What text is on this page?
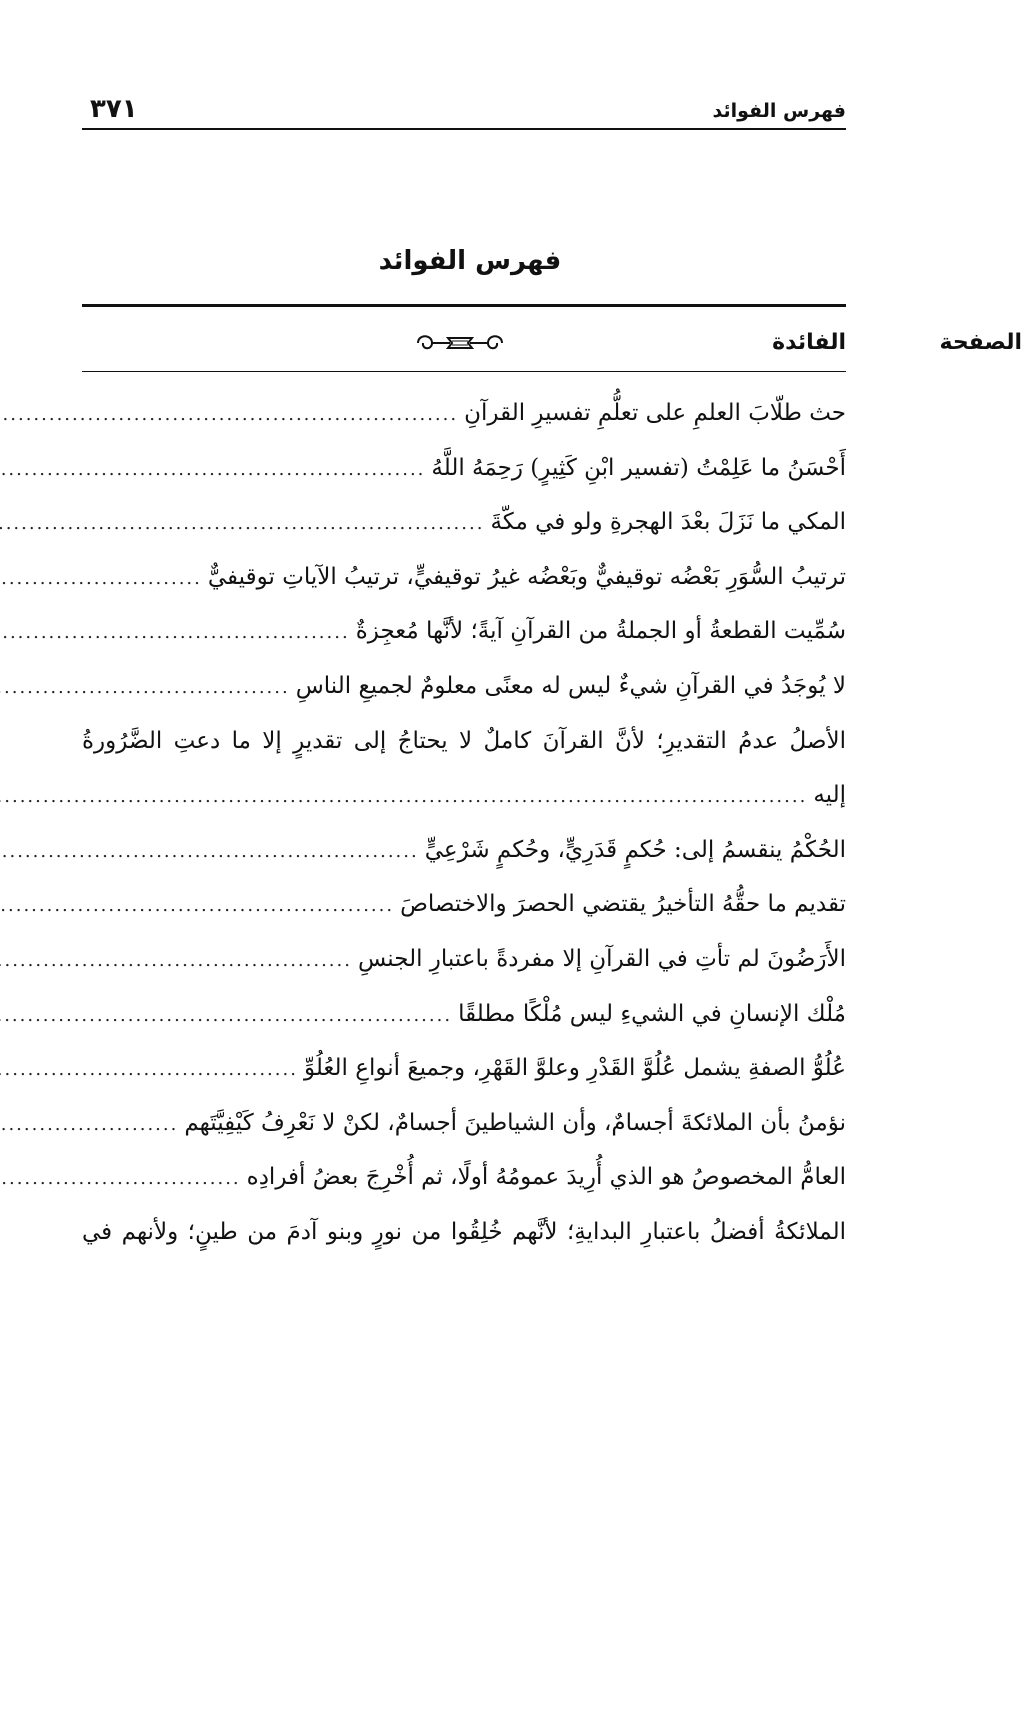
فهرس الفوائد
٣٧١
فهرس الفوائد
الفائدة	الصفحة
حث طلّابَ العلمِ على تعلُّمِ تفسيرِ القرآنِ
.....
أَحْسَنُ ما عَلِمْتُ (تفسير ابْنِ كَثِيرٍ) رَحِمَهُ اللَّهُ
.....
المكي ما نَزَلَ بعْدَ الهجرةِ ولو في مكّةَ
.....
ترتيبُ السُّوَرِ بَعْضُه توقيفيٌّ وبَعْضُه غيرُ توقيفيٍّ، ترتيبُ الآياتِ توقيفيٌّ
.....
سُمِّيت القطعةُ أو الجملةُ من القرآنِ آيةً؛ لأنَّها مُعجِزةٌ
.....
لا يُوجَدُ في القرآنِ شيءٌ ليس له معنًى معلومٌ لجميعِ الناسِ
.....
الأصلُ عدمُ التقديرِ؛ لأنَّ القرآنَ كاملٌ لا يحتاجُ إلى تقديرٍ إلا ما دعتِ الضَّرُورةُ
إليه
.....
الحُكْمُ ينقسمُ إلى: حُكمٍ قَدَرِيٍّ، وحُكمٍ شَرْعِيٍّ
.....
تقديم ما حقُّهُ التأخيرُ يقتضي الحصرَ والاختصاصَ
.....
الأَرَضُونَ لم تأتِ في القرآنِ إلا مفردةً باعتبارِ الجنسِ
.....
مُلْك الإنسانِ في الشيءِ ليس مُلْكًا مطلقًا
.....
عُلُوُّ الصفةِ يشمل عُلُوَّ القَدْرِ وعلوَّ القَهْرِ، وجميعَ أنواعِ العُلُوِّ
.....
نؤمنُ بأن الملائكةَ أجسامٌ، وأن الشياطينَ أجسامٌ، لكنْ لا نَعْرِفُ كَيْفِيَّتَهم
.....
العامُّ المخصوصُ هو الذي أُرِيدَ عمومُهُ أولًا، ثم أُخْرِجَ بعضُ أفرادِه
.....
الملائكةُ أفضلُ باعتبارِ البدايةِ؛ لأنَّهم خُلِقُوا من نورٍ وبنو آدمَ من طينٍ؛ ولأنهم في
